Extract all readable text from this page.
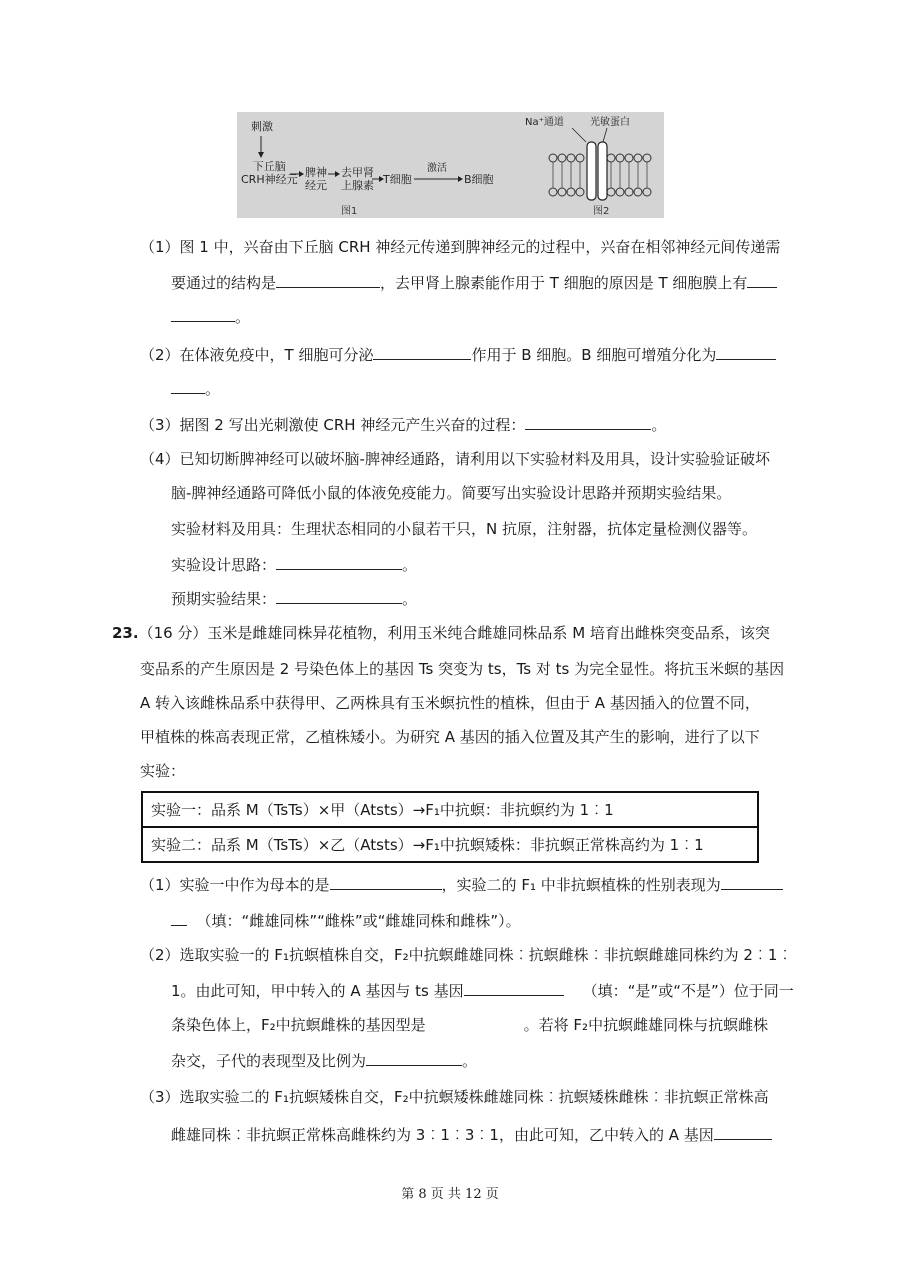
刺激
下丘脑
CRH神经元
脾神
经元
去甲肾
上腺素 T细胞
激活
B细胞
图1
Na⁺通道	光敏蛋白
图2
（1）图 1 中，兴奋由下丘脑 CRH 神经元传递到脾神经元的过程中，兴奋在相邻神经元间传递需
要通过的结构是	，去甲肾上腺素能作用于 T 细胞的原因是 T 细胞膜上有
。
（2）在体液免疫中，T 细胞可分泌	作用于 B 细胞。B 细胞可增殖分化为
。
（3）据图 2 写出光刺激使 CRH 神经元产生兴奋的过程：	。
（4）已知切断脾神经可以破坏脑-脾神经通路，请利用以下实验材料及用具，设计实验验证破坏
脑-脾神经通路可降低小鼠的体液免疫能力。简要写出实验设计思路并预期实验结果。
实验材料及用具：生理状态相同的小鼠若干只，N 抗原，注射器，抗体定量检测仪器等。
实验设计思路：	。
预期实验结果：	。
23.（16 分）玉米是雌雄同株异花植物，利用玉米纯合雌雄同株品系 M 培育出雌株突变品系，该突
变品系的产生原因是 2 号染色体上的基因 Ts 突变为 ts，Ts 对 ts 为完全显性。将抗玉米螟的基因
A 转入该雌株品系中获得甲、乙两株具有玉米螟抗性的植株，但由于 A 基因插入的位置不同，
甲植株的株高表现正常，乙植株矮小。为研究 A 基因的插入位置及其产生的影响，进行了以下
实验：
实验一：品系 M（TsTs）×甲（Atsts）→F₁中抗螟：非抗螟约为 1︰1
实验二：品系 M（TsTs）×乙（Atsts）→F₁中抗螟矮株：非抗螟正常株高约为 1︰1
（1）实验一中作为母本的是	，实验二的 F₁ 中非抗螟植株的性别表现为
（填：“雌雄同株”“雌株”或“雌雄同株和雌株”）。
（2）选取实验一的 F₁抗螟植株自交，F₂中抗螟雌雄同株︰抗螟雌株︰非抗螟雌雄同株约为 2︰1︰
1。由此可知，甲中转入的 A 基因与 ts 基因	（填：“是”或“不是”）位于同一
条染色体上，F₂中抗螟雌株的基因型是	。若将 F₂中抗螟雌雄同株与抗螟雌株
杂交，子代的表现型及比例为	。
（3）选取实验二的 F₁抗螟矮株自交，F₂中抗螟矮株雌雄同株︰抗螟矮株雌株︰非抗螟正常株高
雌雄同株︰非抗螟正常株高雌株约为 3︰1︰3︰1，由此可知，乙中转入的 A 基因
第 8 页 共 12 页
